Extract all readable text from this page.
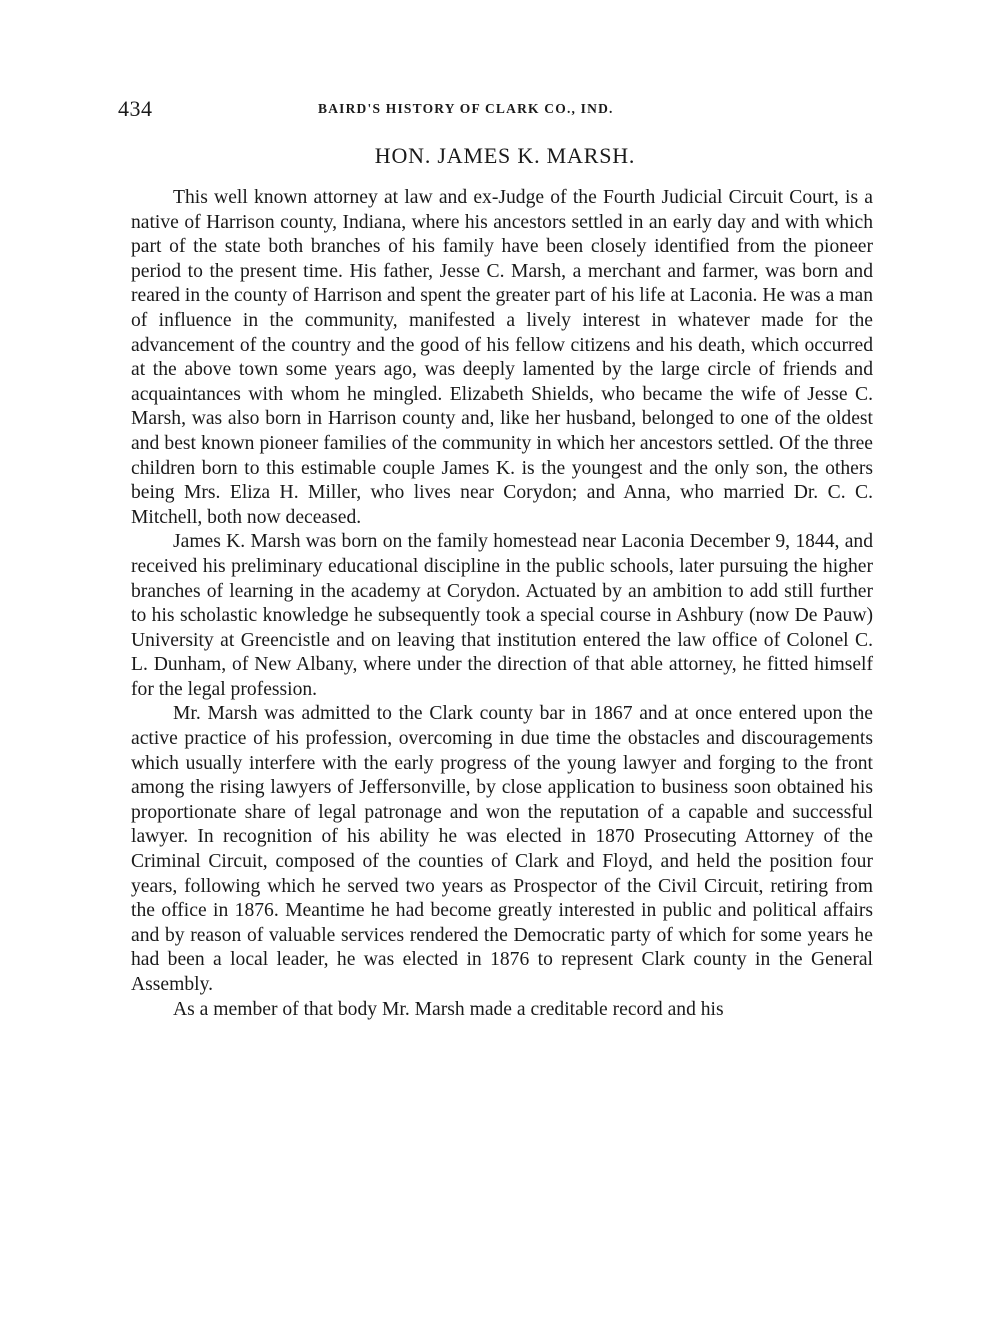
434	BAIRD'S HISTORY OF CLARK CO., IND.
HON. JAMES K. MARSH.

This well known attorney at law and ex-Judge of the Fourth Judicial Circuit Court, is a native of Harrison county, Indiana, where his ancestors settled in an early day and with which part of the state both branches of his family have been closely identified from the pioneer period to the present time. His father, Jesse C. Marsh, a merchant and farmer, was born and reared in the county of Harrison and spent the greater part of his life at Laconia. He was a man of influence in the community, manifested a lively interest in whatever made for the advancement of the country and the good of his fellow citizens and his death, which occurred at the above town some years ago, was deeply lamented by the large circle of friends and acquaintances with whom he mingled. Elizabeth Shields, who became the wife of Jesse C. Marsh, was also born in Harrison county and, like her husband, belonged to one of the oldest and best known pioneer families of the community in which her ancestors settled. Of the three children born to this estimable couple James K. is the youngest and the only son, the others being Mrs. Eliza H. Miller, who lives near Corydon; and Anna, who married Dr. C. C. Mitchell, both now deceased.

James K. Marsh was born on the family homestead near Laconia December 9, 1844, and received his preliminary educational discipline in the public schools, later pursuing the higher branches of learning in the academy at Corydon. Actuated by an ambition to add still further to his scholastic knowledge he subsequently took a special course in Ashbury (now De Pauw) University at Greencistle and on leaving that institution entered the law office of Colonel C. L. Dunham, of New Albany, where under the direction of that able attorney, he fitted himself for the legal profession.

Mr. Marsh was admitted to the Clark county bar in 1867 and at once entered upon the active practice of his profession, overcoming in due time the obstacles and discouragements which usually interfere with the early progress of the young lawyer and forging to the front among the rising lawyers of Jeffersonville, by close application to business soon obtained his proportionate share of legal patronage and won the reputation of a capable and successful lawyer. In recognition of his ability he was elected in 1870 Prosecuting Attorney of the Criminal Circuit, composed of the counties of Clark and Floyd, and held the position four years, following which he served two years as Prospector of the Civil Circuit, retiring from the office in 1876. Meantime he had become greatly interested in public and political affairs and by reason of valuable services rendered the Democratic party of which for some years he had been a local leader, he was elected in 1876 to represent Clark county in the General Assembly.

As a member of that body Mr. Marsh made a creditable record and his
